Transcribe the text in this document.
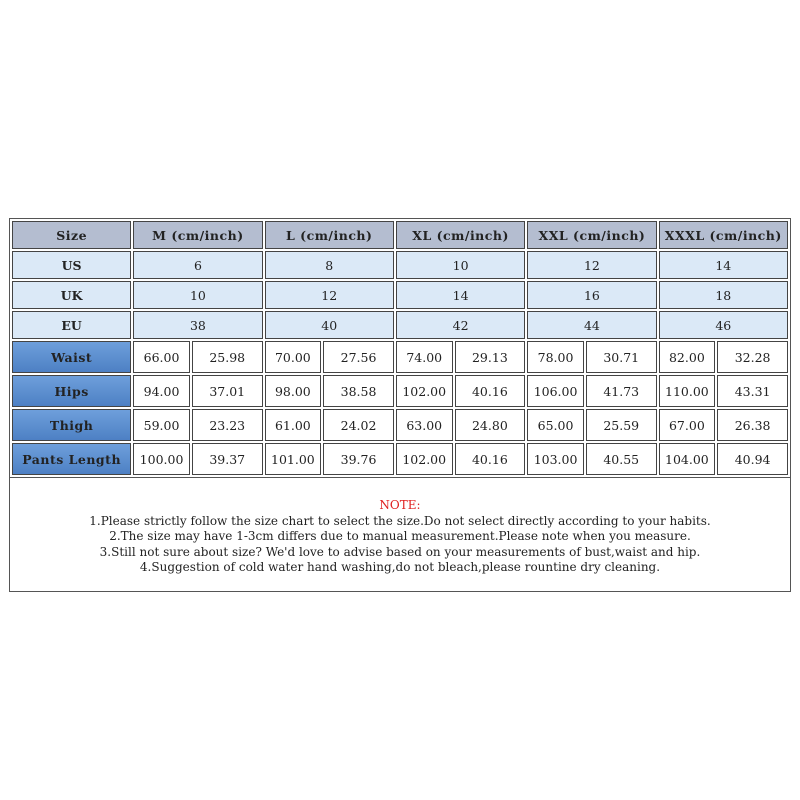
Size	M (cm/inch)		L (cm/inch)		XL (cm/inch)		XXL (cm/inch)		XXXL (cm/inch)	
US	6		8		10		12		14	
UK	10		12		14		16		18	
EU	38		40		42		44		46	
Waist	66.00	25.98	70.00	27.56	74.00	29.13	78.00	30.71	82.00	32.28
Hips	94.00	37.01	98.00	38.58	102.00	40.16	106.00	41.73	110.00	43.31
Thigh	59.00	23.23	61.00	24.02	63.00	24.80	65.00	25.59	67.00	26.38
Pants Length	100.00	39.37	101.00	39.76	102.00	40.16	103.00	40.55	104.00	40.94
NOTE:
1.Please strictly follow the size chart to select the size.Do not select directly according to your habits.
2.The size may have 1-3cm differs due to manual measurement.Please note when you measure.
3.Still not sure about size? We'd love to advise based on your measurements of bust,waist and hip.
4.Suggestion of cold water hand washing,do not bleach,please rountine dry cleaning.
